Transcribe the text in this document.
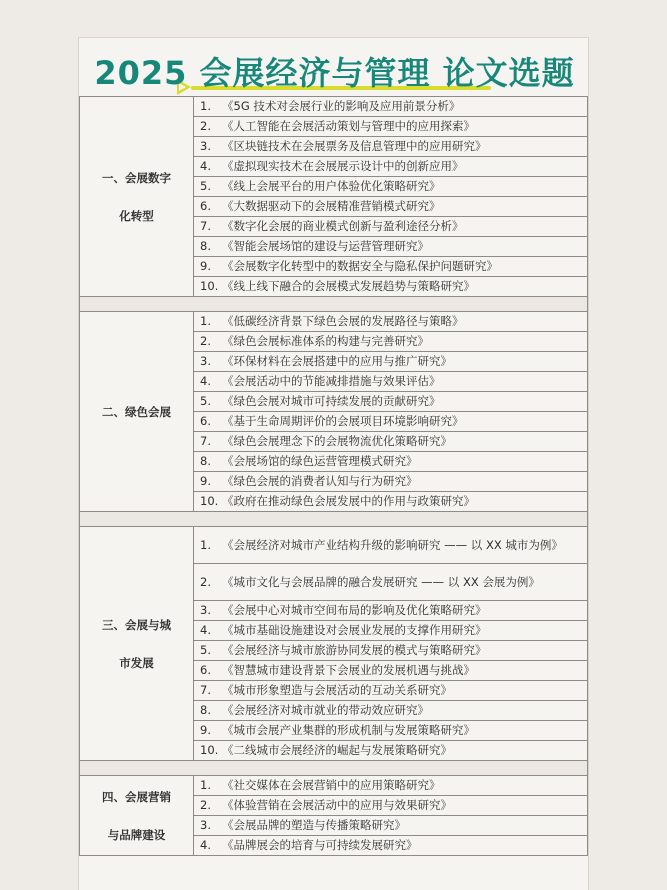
2025 会展经济与管理 论文选题
一、会展数字
化转型	1. 《5G 技术对会展行业的影响及应用前景分析》

	2. 《人工智能在会展活动策划与管理中的应用探索》

	3. 《区块链技术在会展票务及信息管理中的应用研究》

	4. 《虚拟现实技术在会展展示设计中的创新应用》

	5. 《线上会展平台的用户体验优化策略研究》

	6. 《大数据驱动下的会展精准营销模式研究》

	7. 《数字化会展的商业模式创新与盈利途径分析》

	8. 《智能会展场馆的建设与运营管理研究》

	9. 《会展数字化转型中的数据安全与隐私保护问题研究》

	10. 《线上线下融合的会展模式发展趋势与策略研究》

二、绿色会展	1. 《低碳经济背景下绿色会展的发展路径与策略》

	2. 《绿色会展标准体系的构建与完善研究》

	3. 《环保材料在会展搭建中的应用与推广研究》

	4. 《会展活动中的节能减排措施与效果评估》

	5. 《绿色会展对城市可持续发展的贡献研究》

	6. 《基于生命周期评价的会展项目环境影响研究》

	7. 《绿色会展理念下的会展物流优化策略研究》

	8. 《会展场馆的绿色运营管理模式研究》

	9. 《绿色会展的消费者认知与行为研究》

	10. 《政府在推动绿色会展发展中的作用与政策研究》

三、会展与城
市发展	1. 《会展经济对城市产业结构升级的影响研究 —— 以 XX 城市为例》

	2. 《城市文化与会展品牌的融合发展研究 —— 以 XX 会展为例》

	3. 《会展中心对城市空间布局的影响及优化策略研究》

	4. 《城市基础设施建设对会展业发展的支撑作用研究》

	5. 《会展经济与城市旅游协同发展的模式与策略研究》

	6. 《智慧城市建设背景下会展业的发展机遇与挑战》

	7. 《城市形象塑造与会展活动的互动关系研究》

	8. 《会展经济对城市就业的带动效应研究》

	9. 《城市会展产业集群的形成机制与发展策略研究》

	10. 《二线城市会展经济的崛起与发展策略研究》

四、会展营销
与品牌建设	1. 《社交媒体在会展营销中的应用策略研究》

	2. 《体验营销在会展活动中的应用与效果研究》

	3. 《会展品牌的塑造与传播策略研究》

	4. 《品牌展会的培育与可持续发展研究》
